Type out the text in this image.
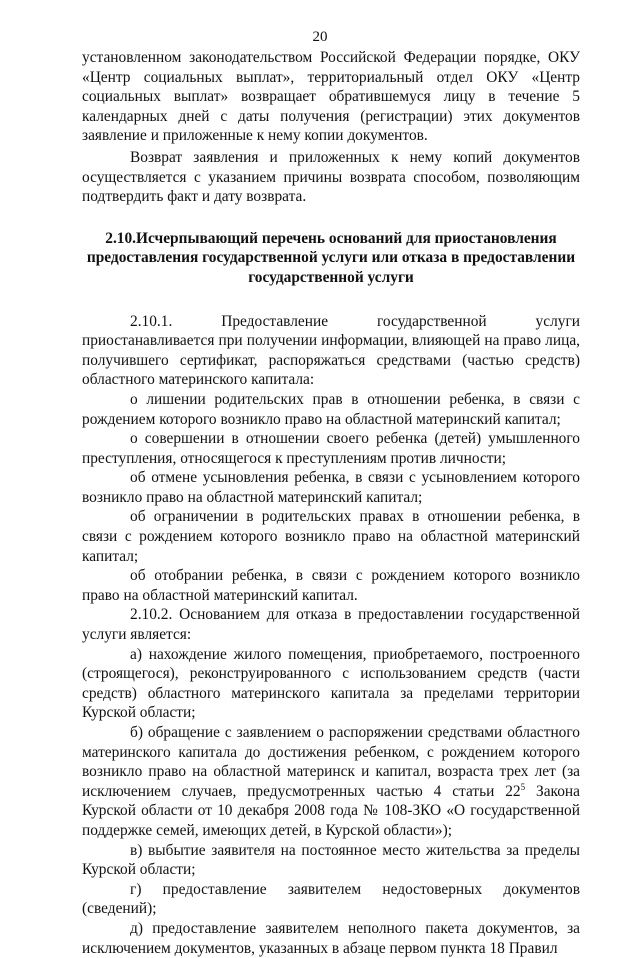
20

установленном законодательством Российской Федерации порядке, ОКУ «Центр социальных выплат», территориальный отдел ОКУ «Центр социальных выплат» возвращает обратившемуся лицу в течение 5 календарных дней с даты получения (регистрации) этих документов заявление и приложенные к нему копии документов.

Возврат заявления и приложенных к нему копий документов осуществляется с указанием причины возврата способом, позволяющим подтвердить факт и дату возврата.

2.10.Исчерпывающий перечень оснований для приостановления предоставления государственной услуги или отказа в предоставлении государственной услуги

2.10.1. Предоставление государственной услуги приостанавливается при получении информации, влияющей на право лица, получившего сертификат, распоряжаться средствами (частью средств) областного материнского капитала:

о лишении родительских прав в отношении ребенка, в связи с рождением которого возникло право на областной материнский капитал;

о совершении в отношении своего ребенка (детей) умышленного преступления, относящегося к преступлениям против личности;

об отмене усыновления ребенка, в связи с усыновлением которого возникло право на областной материнский капитал;

об ограничении в родительских правах в отношении ребенка, в связи с рождением которого возникло право на областной материнский капитал;

об отобрании ребенка, в связи с рождением которого возникло право на областной материнский капитал.

2.10.2. Основанием для отказа в предоставлении государственной услуги является:

а) нахождение жилого помещения, приобретаемого, построенного (строящегося), реконструированного с использованием средств (части средств) областного материнского капитала за пределами территории Курской области;

б) обращение с заявлением о распоряжении средствами областного материнского капитала до достижения ребенком, с рождением которого возникло право на областной материнск и капитал, возраста трех лет (за исключением случаев, предусмотренных частью 4 статьи $22^5$ Закона Курской области от 10 декабря 2008 года № 108-ЗКО «О государственной поддержке семей, имеющих детей, в Курской области»);

в) выбытие заявителя на постоянное место жительства за пределы Курской области;

г) предоставление заявителем недостоверных документов (сведений);

д) предоставление заявителем неполного пакета документов, за исключением документов, указанных в абзаце первом пункта 18 Правил
